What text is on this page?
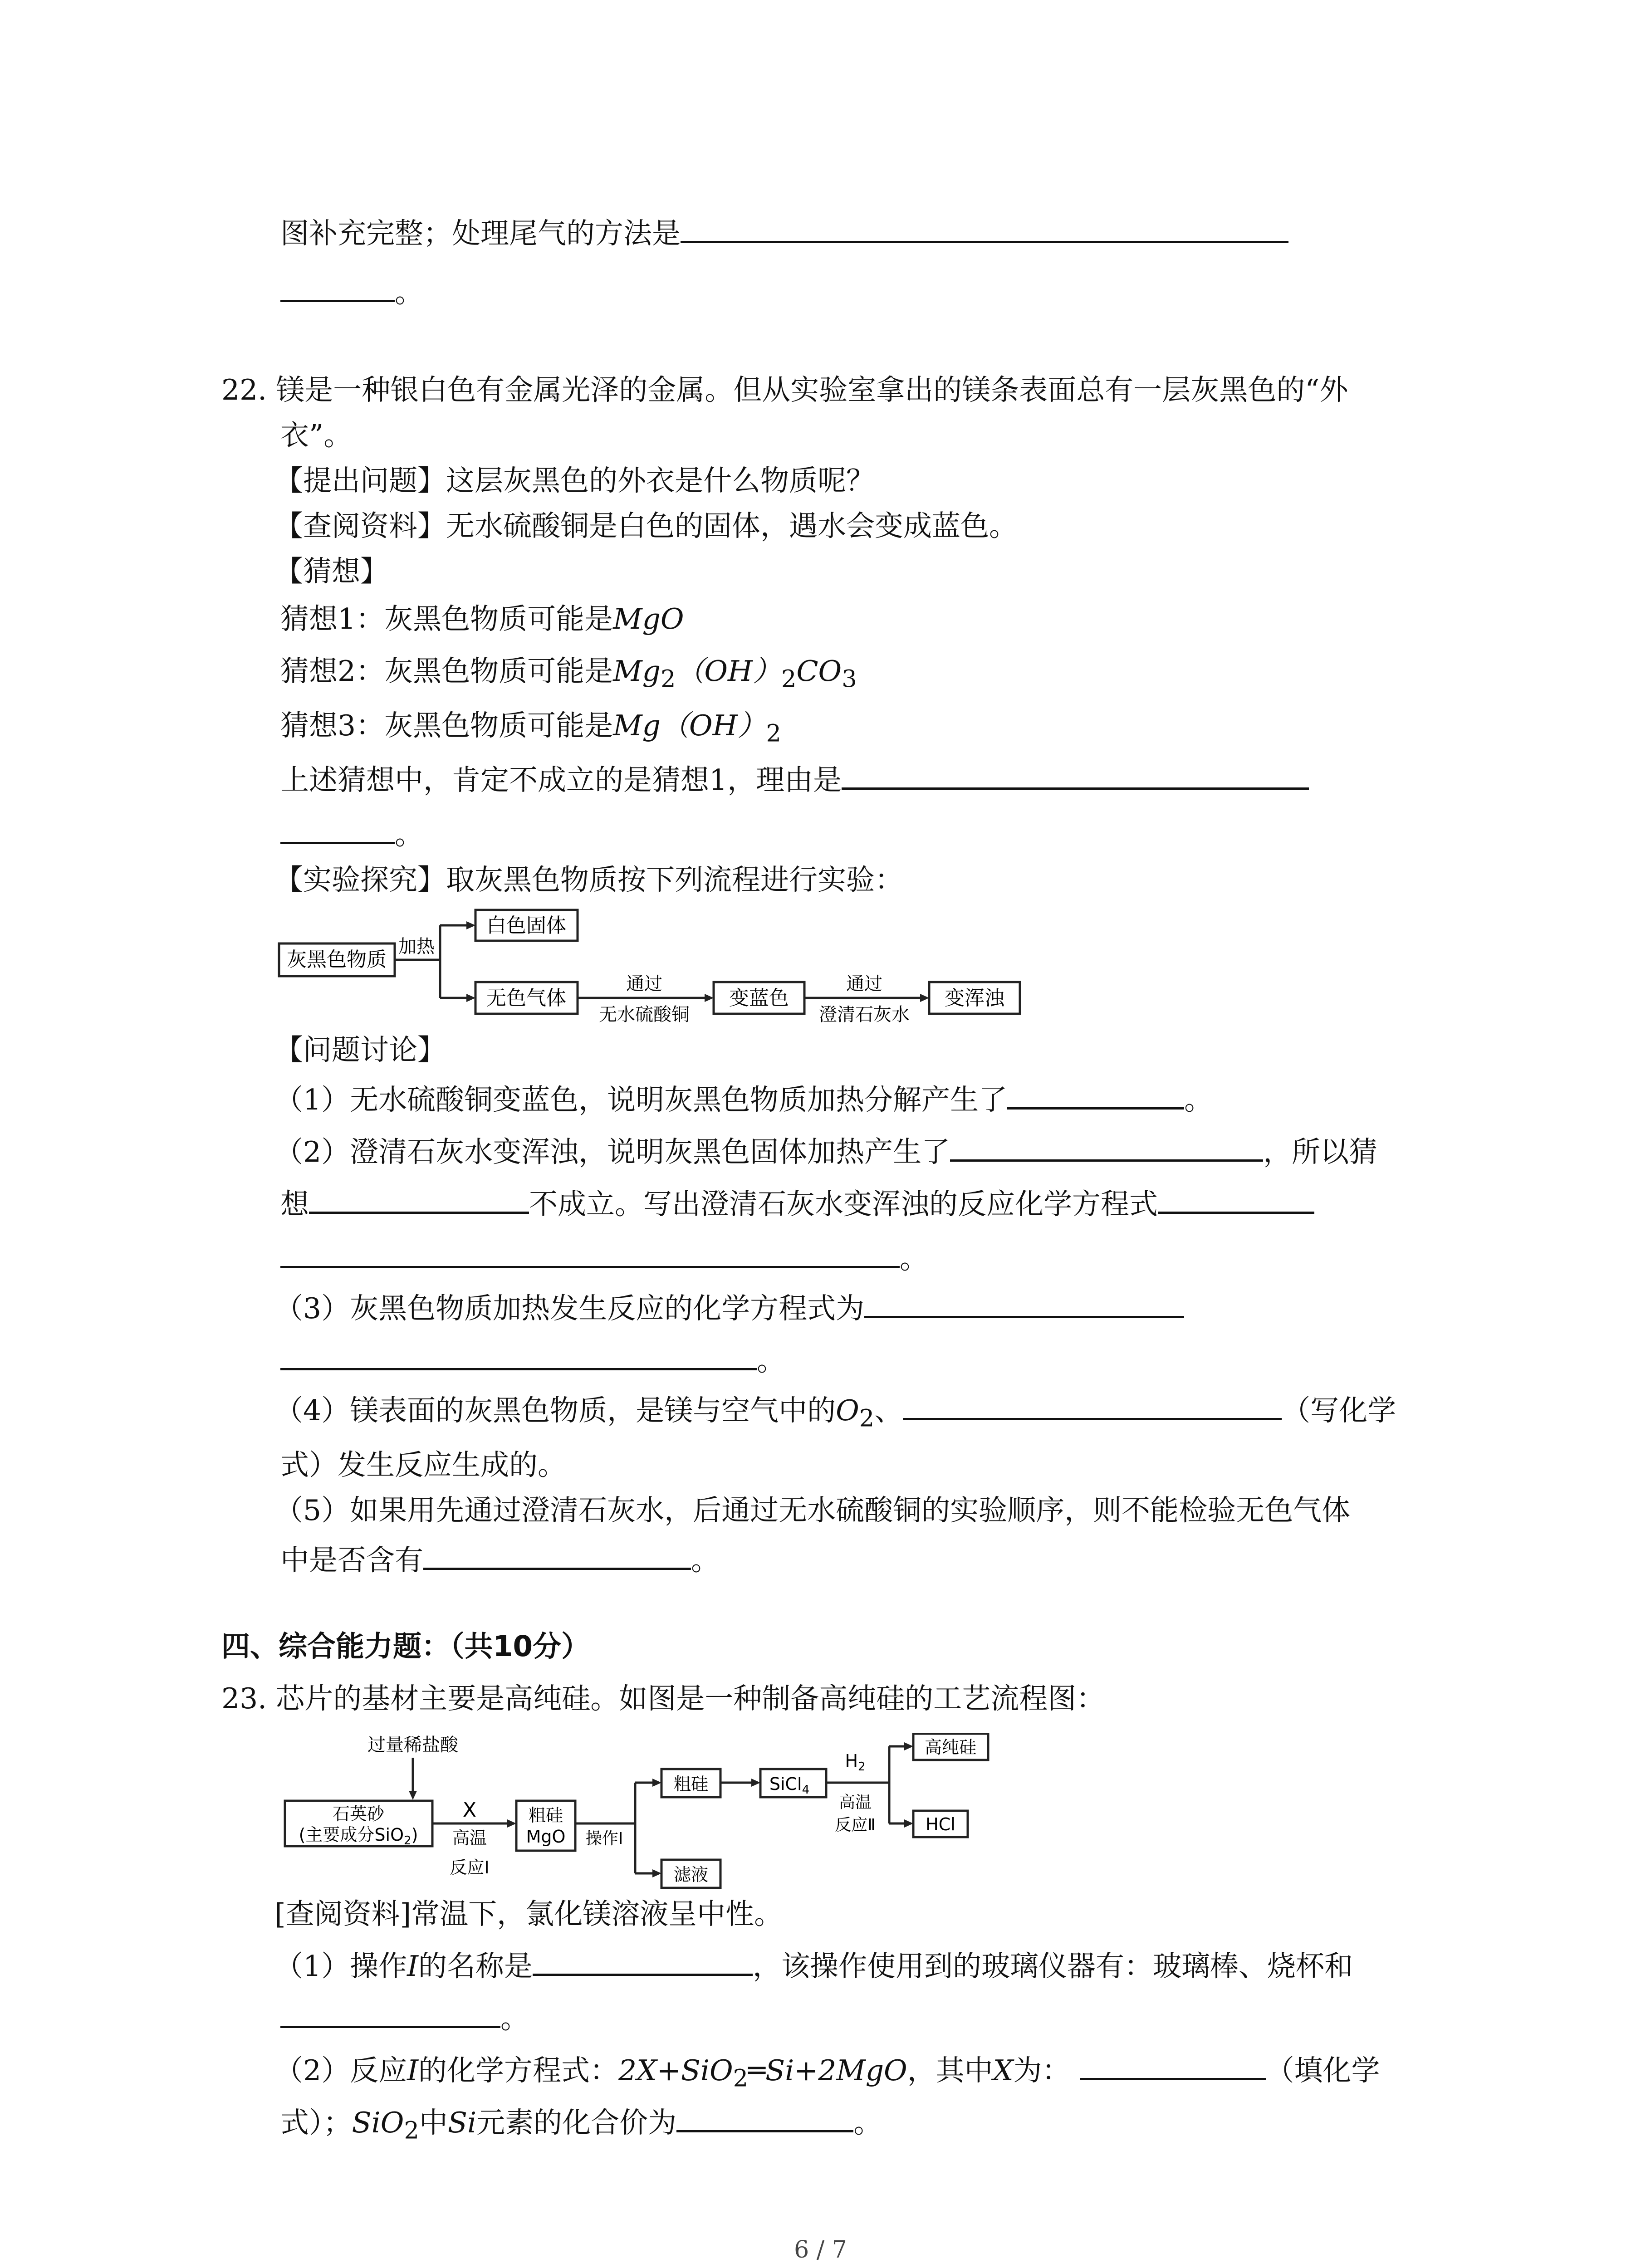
图补充完整；处理尾气的方法是
。
22. 镁是一种银白色有金属光泽的金属。但从实验室拿出的镁条表面总有一层灰黑色的“外
衣”。
【提出问题】这层灰黑色的外衣是什么物质呢？
【查阅资料】无水硫酸铜是白色的固体，遇水会变成蓝色。
【猜想】
猜想1：灰黑色物质可能是MgO
猜想2：灰黑色物质可能是$Mg_2(OH)_2CO_3$
猜想3：灰黑色物质可能是$Mg(OH)_2$
上述猜想中，肯定不成立的是猜想1，理由是
。
【实验探究】取灰黑色物质按下列流程进行实验：
灰黑色物质
加热
白色固体
无色气体
通过
无水硫酸铜
变蓝色
通过
澄清石灰水
变浑浊
【问题讨论】
（1）无水硫酸铜变蓝色，说明灰黑色物质加热分解产生了	。
（2）澄清石灰水变浑浊，说明灰黑色固体加热产生了	，所以猜
想	不成立。写出澄清石灰水变浑浊的反应化学方程式
。
（3）灰黑色物质加热发生反应的化学方程式为
。
（4）镁表面的灰黑色物质，是镁与空气中的$O_2$、	（写化学
式）发生反应生成的。
（5）如果用先通过澄清石灰水，后通过无水硫酸铜的实验顺序，则不能检验无色气体
中是否含有	。
四、综合能力题：（共10分）
23. 芯片的基材主要是高纯硅。如图是一种制备高纯硅的工艺流程图：
过量稀盐酸
石英砂
(主要成分SiO$_2$)
X
高温
反应Ⅰ
粗硅
MgO 操作Ⅰ
粗硅
滤液
SiCl$_4$
$H_2$
高温
反应Ⅱ
高纯硅
HCl
[查阅资料]常温下，氯化镁溶液呈中性。
（1）操作I的名称是	，该操作使用到的玻璃仪器有：玻璃棒、烧杯和
。
（2）反应I的化学方程式：2X+SiO$_2$═Si+2MgO，其中X为：	（填化学
式）；SiO$_2$中Si元素的化合价为	。
6 / 7
